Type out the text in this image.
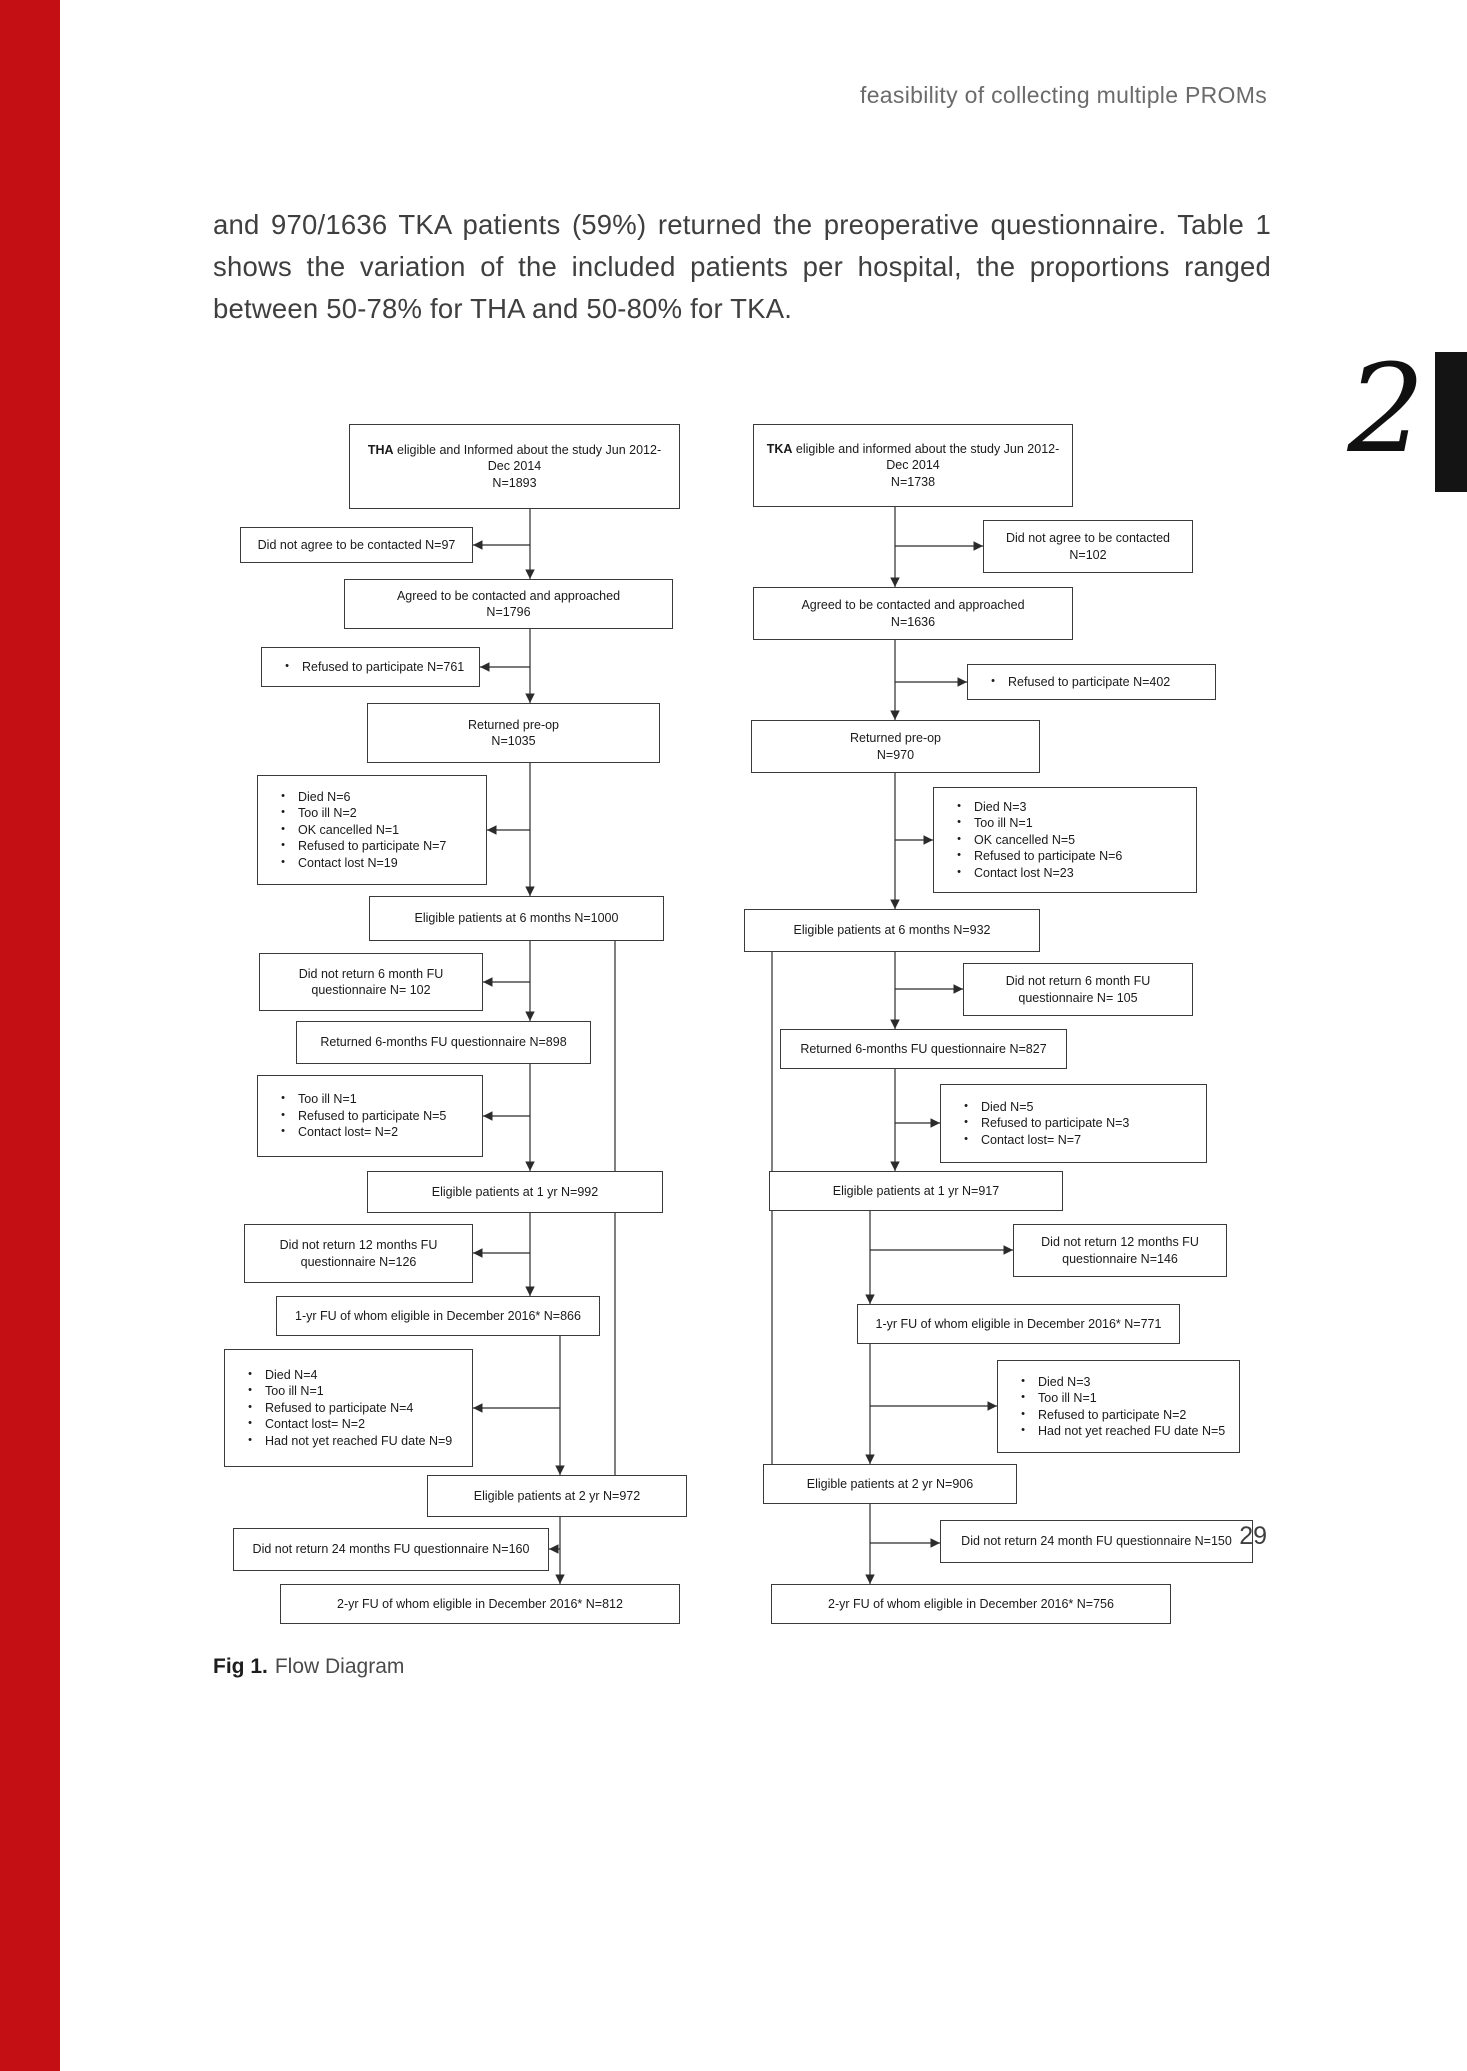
feasibility of collecting multiple PROMs

and 970/1636 TKA patients (59%) returned the preoperative questionnaire. Table 1 shows the variation of the included patients per hospital, the proportions ranged between 50-78% for THA and 50-80% for TKA.

2
THA eligible and Informed about the study Jun 2012-Dec 2014
N=1893
Did not agree to be contacted N=97
Agreed to be contacted and approached
N=1796
•	Refused to participate N=761
Returned pre-op
N=1035
•	Died N=6
•	Too ill N=2
•	OK cancelled N=1
•	Refused to participate N=7
•	Contact lost N=19
Eligible patients at 6 months N=1000
Did not return 6 month FU
questionnaire N= 102
Returned 6-months FU questionnaire N=898
•	Too ill N=1
•	Refused to participate N=5
•	Contact lost= N=2
Eligible patients at 1 yr N=992
Did not return 12 months FU
questionnaire N=126
1-yr FU of whom eligible in December 2016* N=866
•	Died N=4
•	Too ill N=1
•	Refused to participate N=4
•	Contact lost= N=2
•	Had not yet reached FU date N=9
Eligible patients at 2 yr N=972
Did not return 24 months FU questionnaire N=160
2-yr FU of whom eligible in December 2016* N=812
TKA eligible and informed about the study Jun 2012-Dec 2014
N=1738
Did not agree to be contacted
N=102
Agreed to be contacted and approached
N=1636
•	Refused to participate N=402
Returned pre-op
N=970
•	Died N=3
•	Too ill N=1
•	OK cancelled N=5
•	Refused to participate N=6
•	Contact lost N=23
Eligible patients at 6 months N=932
Did not return 6 month FU
questionnaire N= 105
Returned 6-months FU questionnaire N=827
•	Died N=5
•	Refused to participate N=3
•	Contact lost= N=7
Eligible patients at 1 yr N=917
Did not return 12 months FU
questionnaire N=146
1-yr FU of whom eligible in December 2016* N=771
•	Died N=3
•	Too ill N=1
•	Refused to participate N=2
•	Had not yet reached FU date N=5
Eligible patients at 2 yr N=906
Did not return 24 month FU questionnaire N=150
2-yr FU of whom eligible in December 2016* N=756
Fig 1. Flow Diagram
29
